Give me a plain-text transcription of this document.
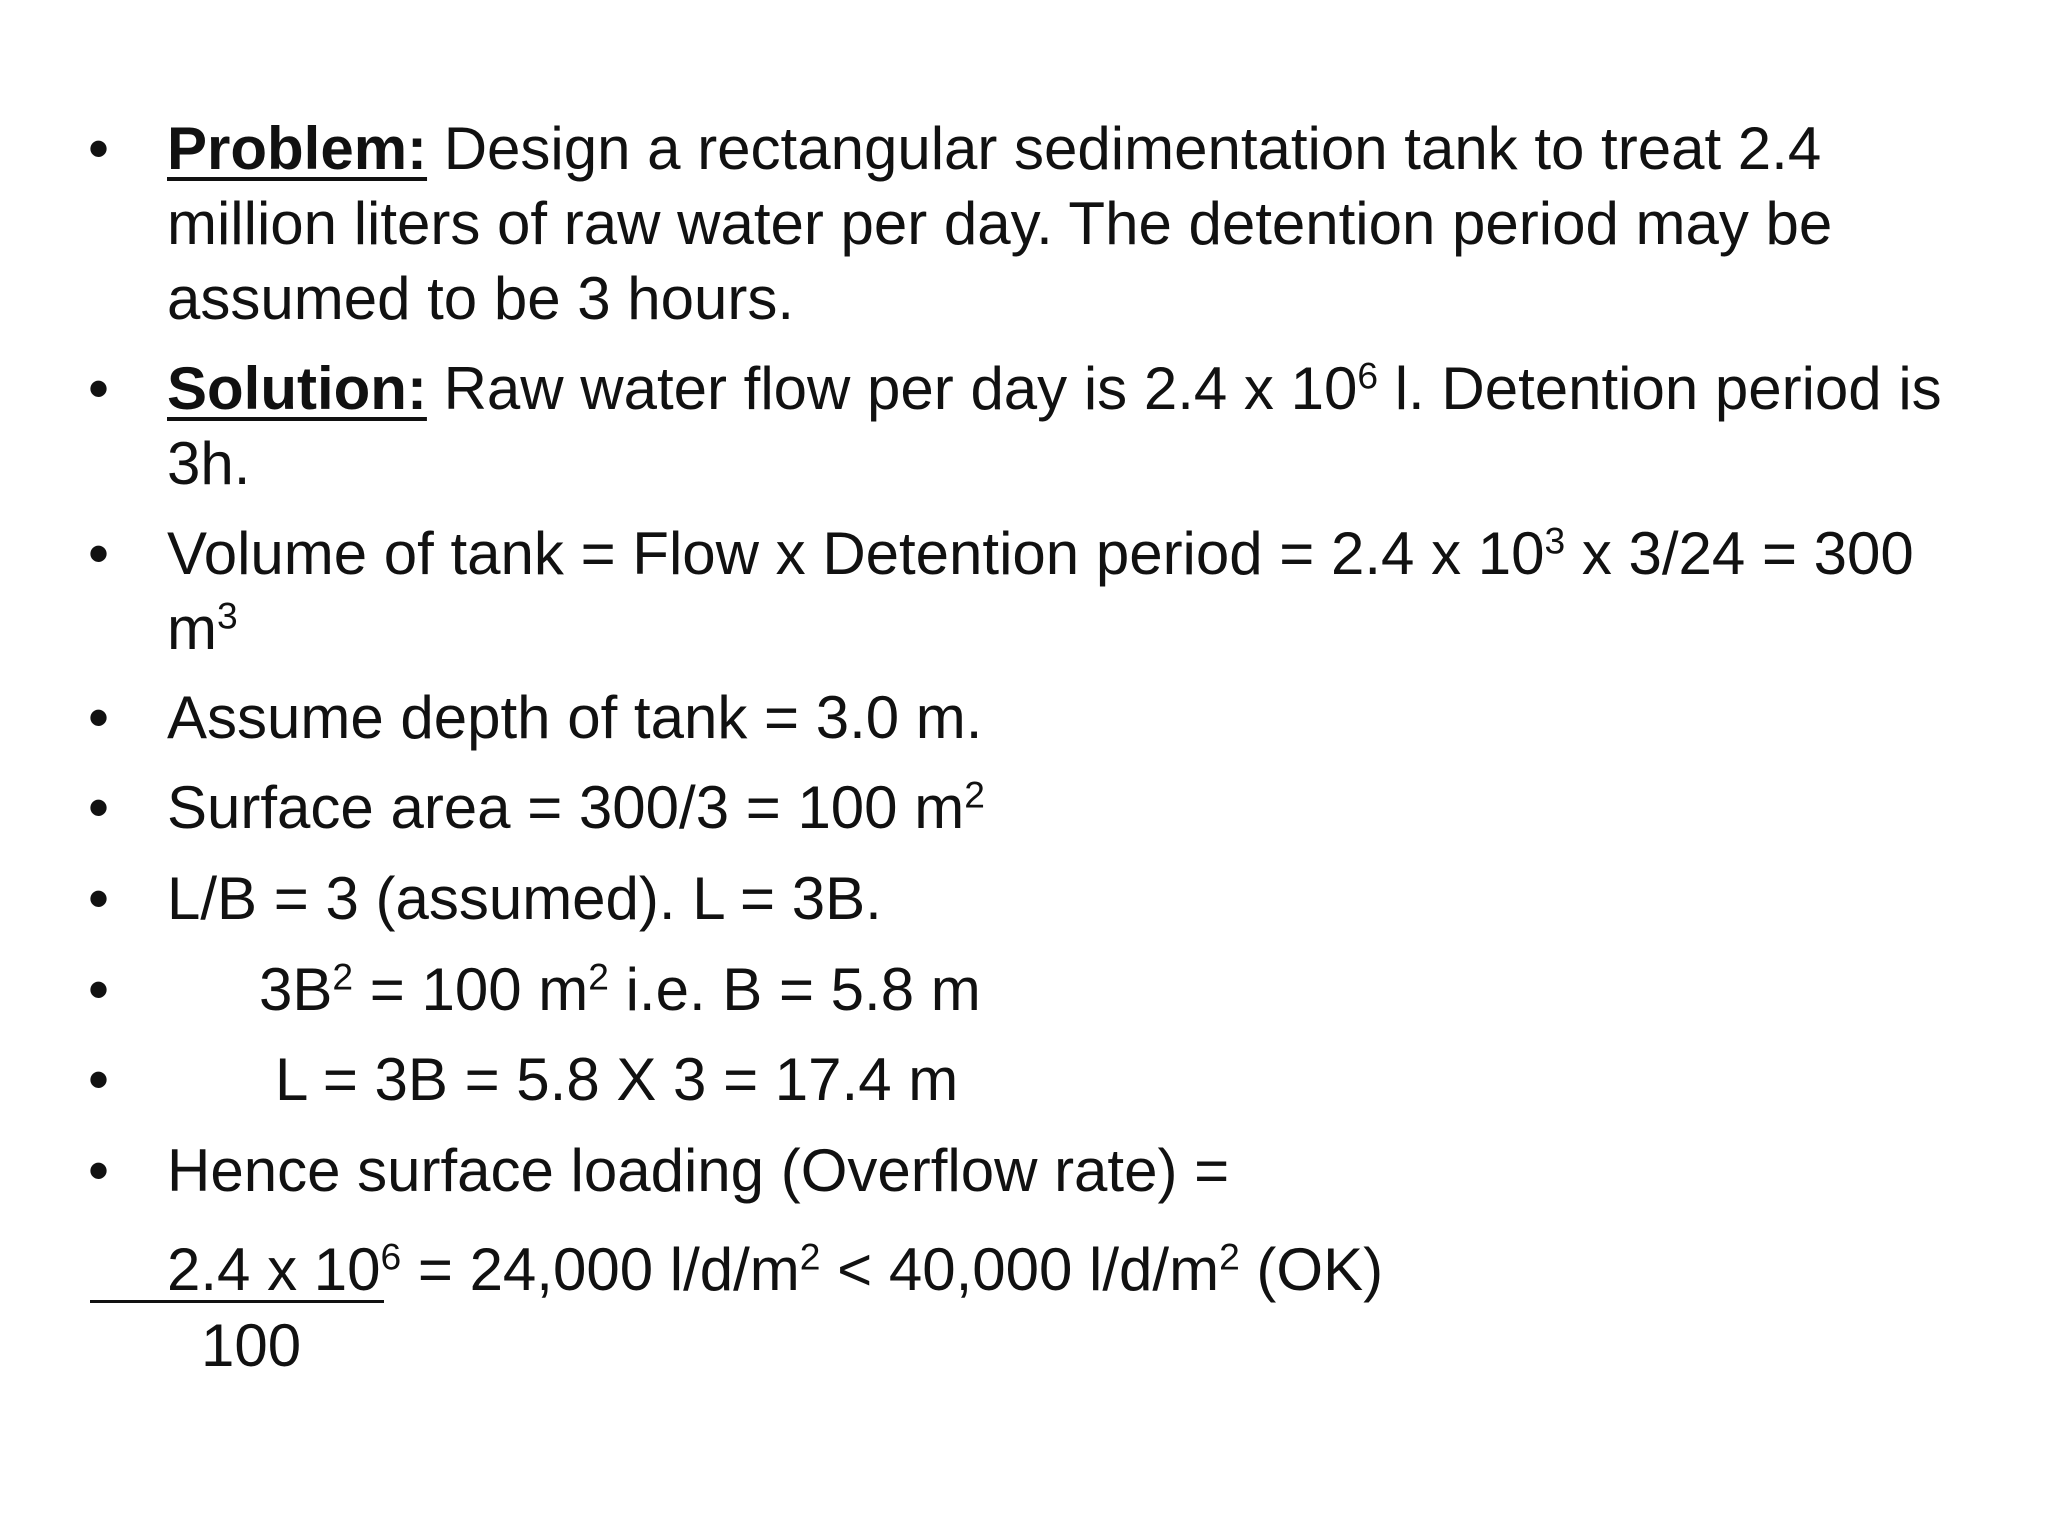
• Problem: Design a rectangular sedimentation tank to treat 2.4 million liters of raw water per day. The detention period may be assumed to be 3 hours.
• Solution: Raw water flow per day is 2.4 x $10^6$ l. Detention period is 3h.
• Volume of tank = Flow x Detention period = 2.4 x $10^3$ x 3/24 = 300 $m^3$
• Assume depth of tank = 3.0 m.
• Surface area = 300/3 = 100 $m^2$
• L/B = 3 (assumed). L = 3B.
•	$3B^2 = 100$ $m^2$ i.e. B = 5.8 m
•	L = 3B = 5.8 X 3 = 17.4 m
• Hence surface loading (Overflow rate) =
2.4 x $10^6 = 24,000$ $l/d/m^2 < 40,000$ $l/d/m^2$ (OK)
100
